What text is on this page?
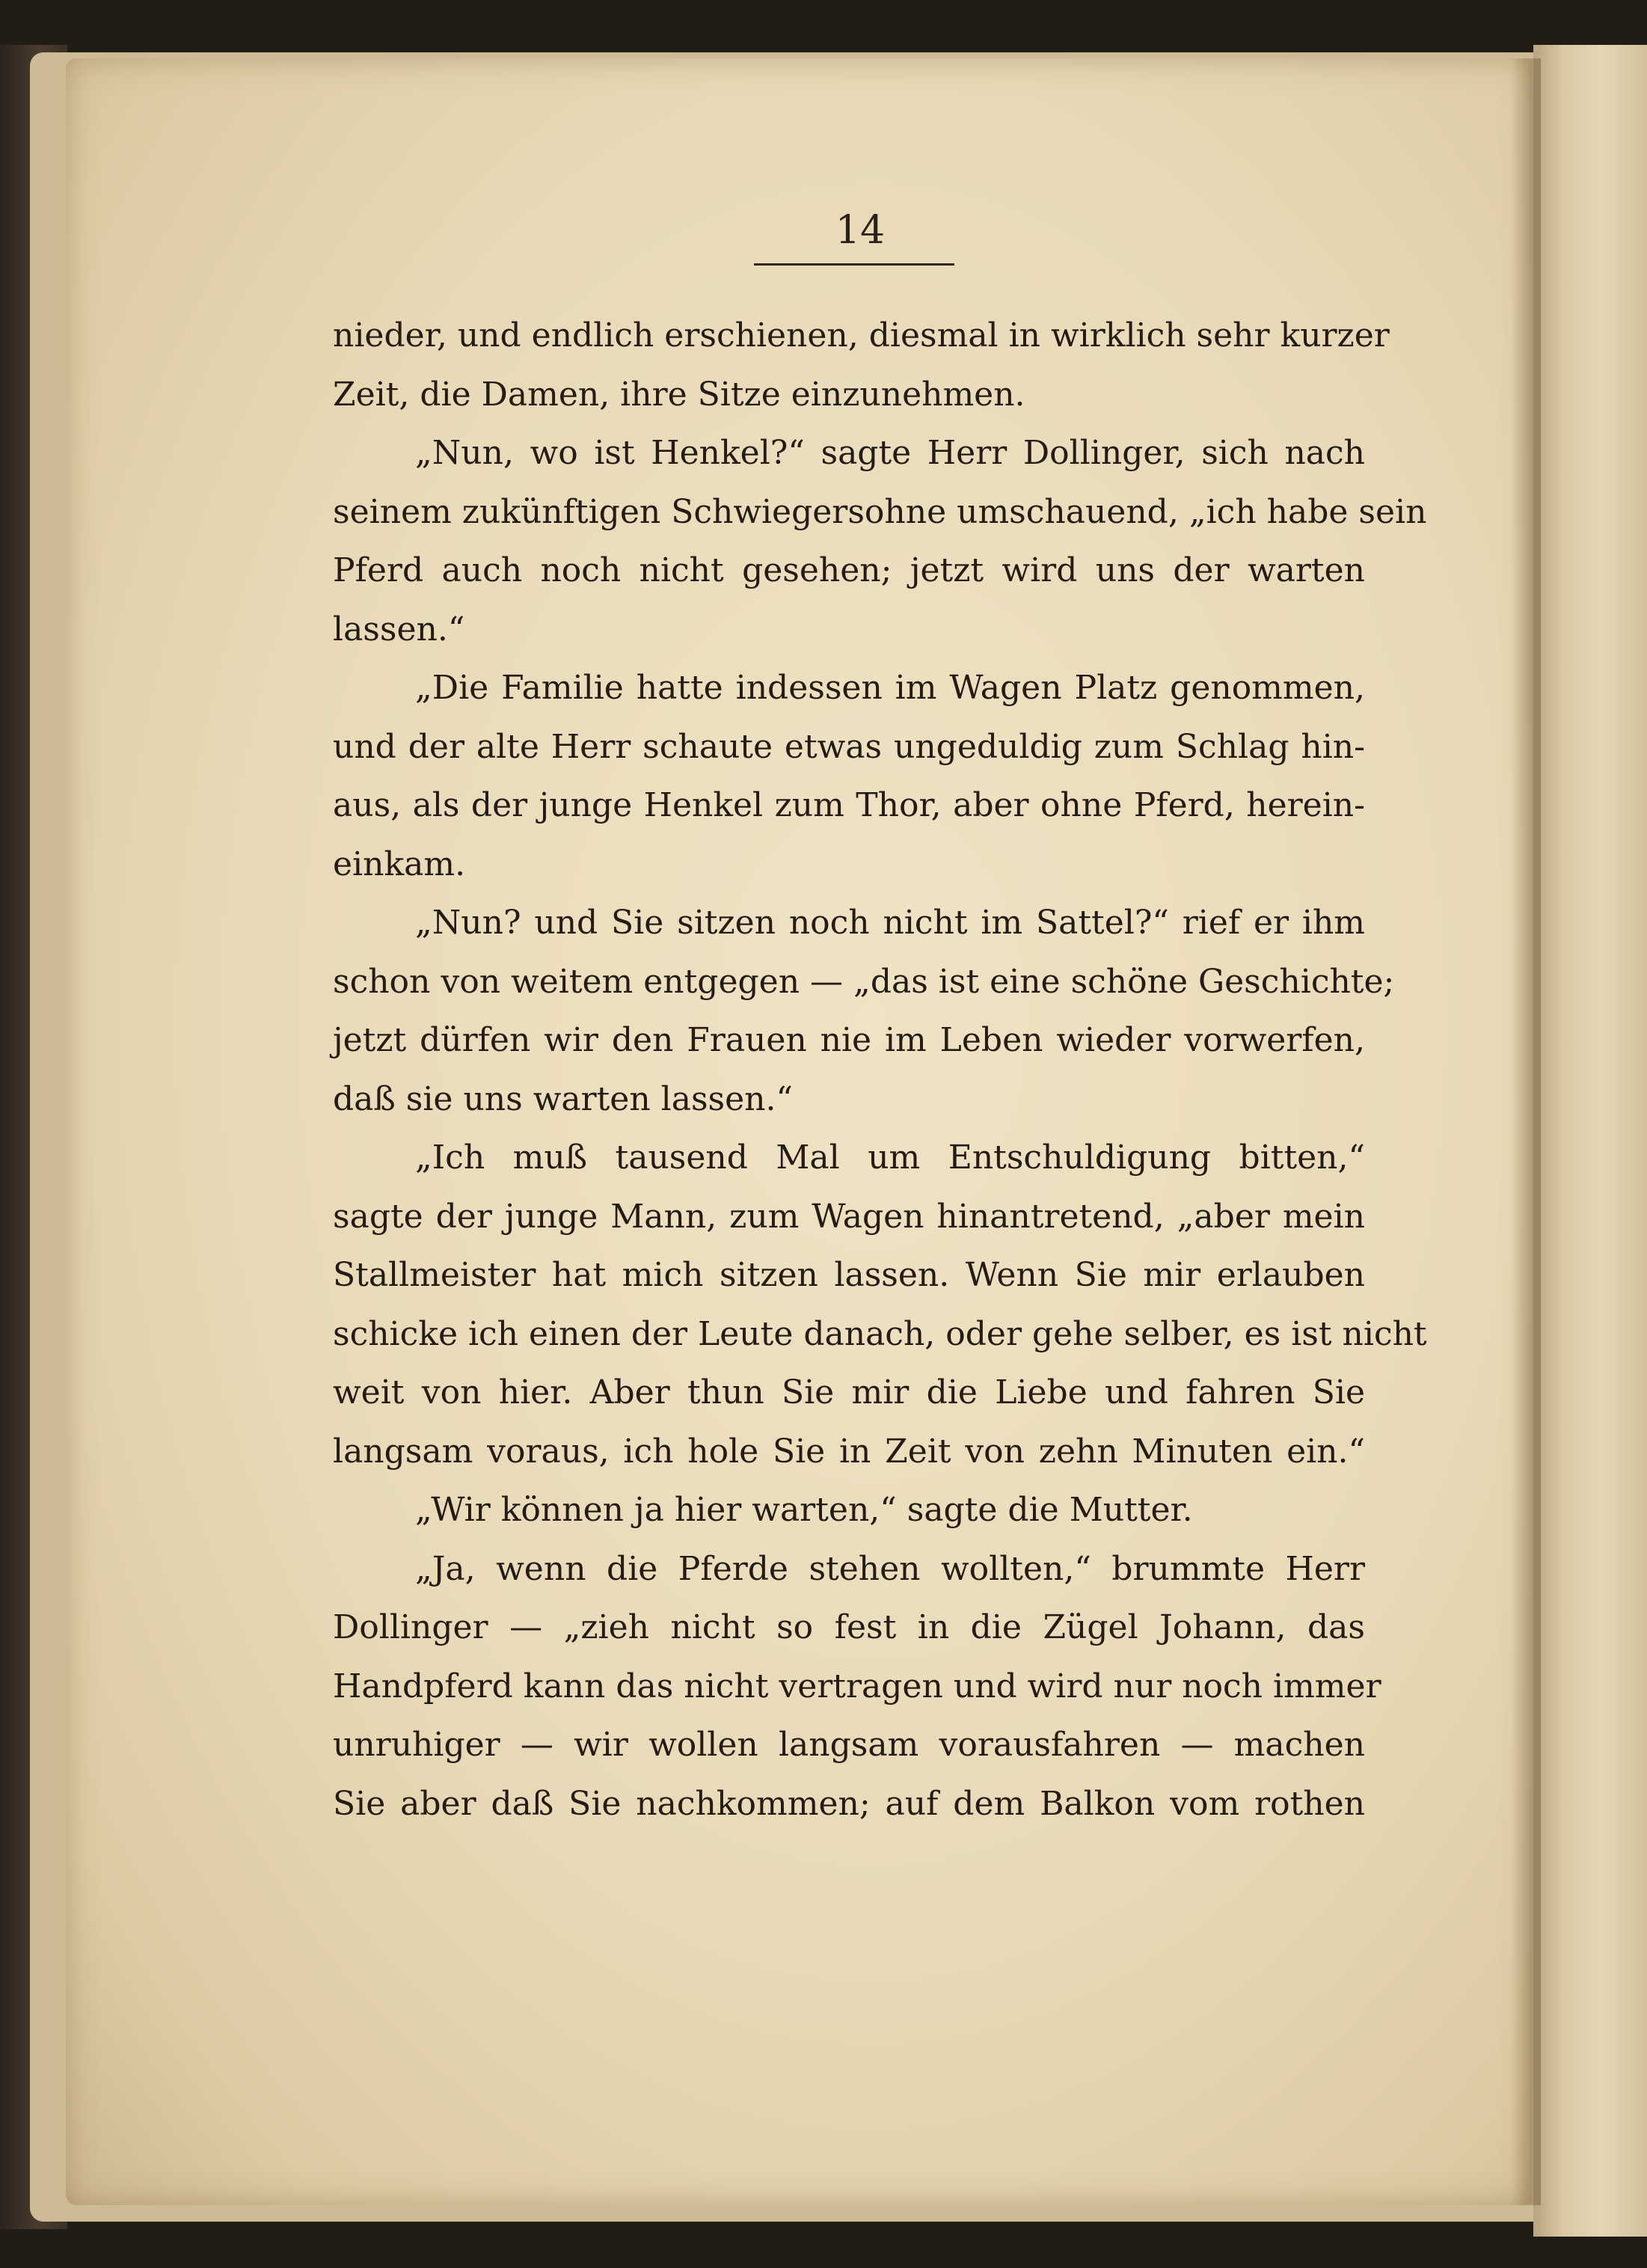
14
nieder, und endlich erschienen, diesmal in wirklich sehr kurzer
Zeit, die Damen, ihre Sitze einzunehmen.
„Nun, wo ist Henkel?“ sagte Herr Dollinger, sich nach
seinem zukünftigen Schwiegersohne umschauend, „ich habe sein
Pferd auch noch nicht gesehen; jetzt wird uns der warten
lassen.“
„Die Familie hatte indessen im Wagen Platz genommen,
und der alte Herr schaute etwas ungeduldig zum Schlag hin-
aus, als der junge Henkel zum Thor, aber ohne Pferd, herein-
einkam.
„Nun? und Sie sitzen noch nicht im Sattel?“ rief er ihm
schon von weitem entgegen — „das ist eine schöne Geschichte;
jetzt dürfen wir den Frauen nie im Leben wieder vorwerfen,
daß sie uns warten lassen.“
„Ich muß tausend Mal um Entschuldigung bitten,“
sagte der junge Mann, zum Wagen hinantretend, „aber mein
Stallmeister hat mich sitzen lassen. Wenn Sie mir erlauben
schicke ich einen der Leute danach, oder gehe selber, es ist nicht
weit von hier. Aber thun Sie mir die Liebe und fahren Sie
langsam voraus, ich hole Sie in Zeit von zehn Minuten ein.“
„Wir können ja hier warten,“ sagte die Mutter.
„Ja, wenn die Pferde stehen wollten,“ brummte Herr
Dollinger — „zieh nicht so fest in die Zügel Johann, das
Handpferd kann das nicht vertragen und wird nur noch immer
unruhiger — wir wollen langsam vorausfahren — machen
Sie aber daß Sie nachkommen; auf dem Balkon vom rothen
